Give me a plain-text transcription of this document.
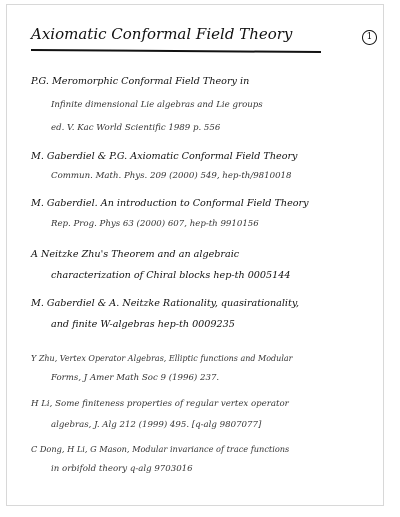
Axiomatic Conformal Field Theory	1
P.G. Meromorphic Conformal Field Theory in
Infinite dimensional Lie algebras and Lie groups
ed. V. Kac World Scientific 1989 p. 556
M. Gaberdiel & P.G. Axiomatic Conformal Field Theory
Commun. Math. Phys. 209 (2000) 549, hep-th/9810018
M. Gaberdiel. An introduction to Conformal Field Theory
Rep. Prog. Phys 63 (2000) 607, hep-th 9910156
A Neitzke Zhu's Theorem and an algebraic
characterization of Chiral blocks hep-th 0005144
M. Gaberdiel & A. Neitzke Rationality, quasirationality,
and finite W-algebras hep-th 0009235
Y Zhu, Vertex Operator Algebras, Elliptic functions and Modular
Forms, J Amer Math Soc 9 (1996) 237.
H Li, Some finiteness properties of regular vertex operator
algebras, J. Alg 212 (1999) 495. [q-alg 9807077]
C Dong, H Li, G Mason, Modular invariance of trace functions
in orbifold theory q-alg 9703016
